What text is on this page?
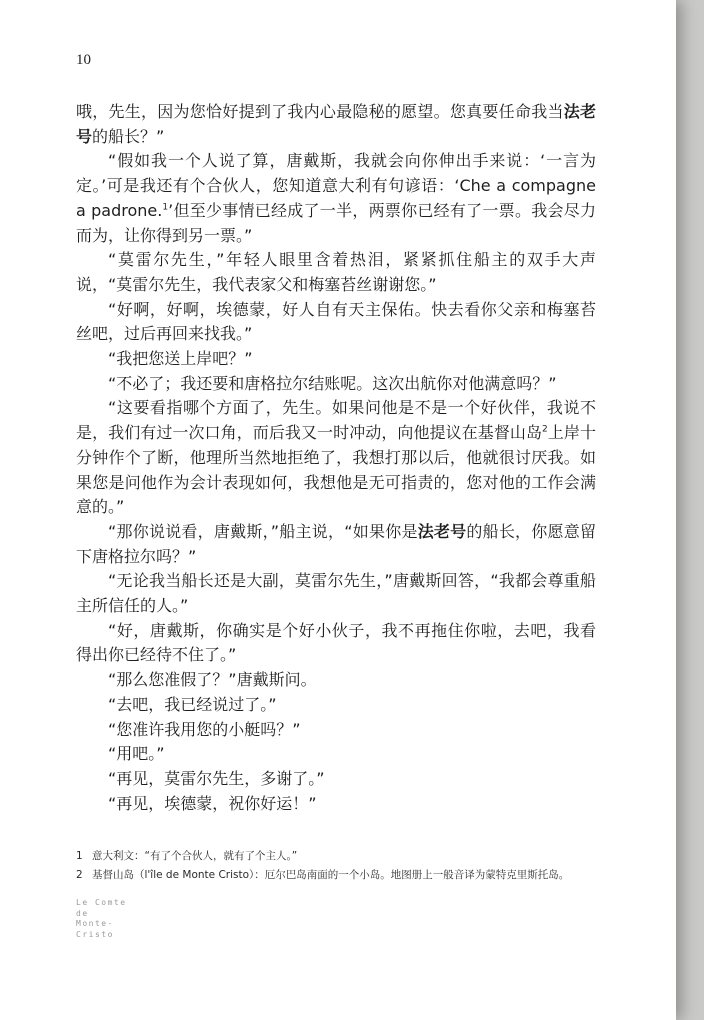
10

哦，先生，因为您恰好提到了我内心最隐秘的愿望。您真要任命我当法老号的船长？”

“假如我一个人说了算，唐戴斯，我就会向你伸出手来说：‘一言为定。’可是我还有个合伙人，您知道意大利有句谚语：‘Che a compagne a padrone.$^1$’但至少事情已经成了一半，两票你已经有了一票。我会尽力而为，让你得到另一票。”

“莫雷尔先生，”年轻人眼里含着热泪，紧紧抓住船主的双手大声说，“莫雷尔先生，我代表家父和梅塞苔丝谢谢您。”

“好啊，好啊，埃德蒙，好人自有天主保佑。快去看你父亲和梅塞苔丝吧，过后再回来找我。”

“我把您送上岸吧？”

“不必了；我还要和唐格拉尔结账呢。这次出航你对他满意吗？”

“这要看指哪个方面了，先生。如果问他是不是一个好伙伴，我说不是，我们有过一次口角，而后我又一时冲动，向他提议在基督山岛$^2$上岸十分钟作个了断，他理所当然地拒绝了，我想打那以后，他就很讨厌我。如果您是问他作为会计表现如何，我想他是无可指责的，您对他的工作会满意的。”

“那你说说看，唐戴斯，”船主说，“如果你是法老号的船长，你愿意留下唐格拉尔吗？”

“无论我当船长还是大副，莫雷尔先生，”唐戴斯回答，“我都会尊重船主所信任的人。”

“好，唐戴斯，你确实是个好小伙子，我不再拖住你啦，去吧，我看得出你已经待不住了。”

“那么您准假了？”唐戴斯问。

“去吧，我已经说过了。”

“您准许我用您的小艇吗？”

“用吧。”

“再见，莫雷尔先生，多谢了。”

“再见，埃德蒙，祝你好运！”

1 意大利文：“有了个合伙人，就有了个主人。”
2 基督山岛（l'île de Monte Cristo）：厄尔巴岛南面的一个小岛。地图册上一般音译为蒙特克里斯托岛。
Le Comte
de
Monte-
Cristo
